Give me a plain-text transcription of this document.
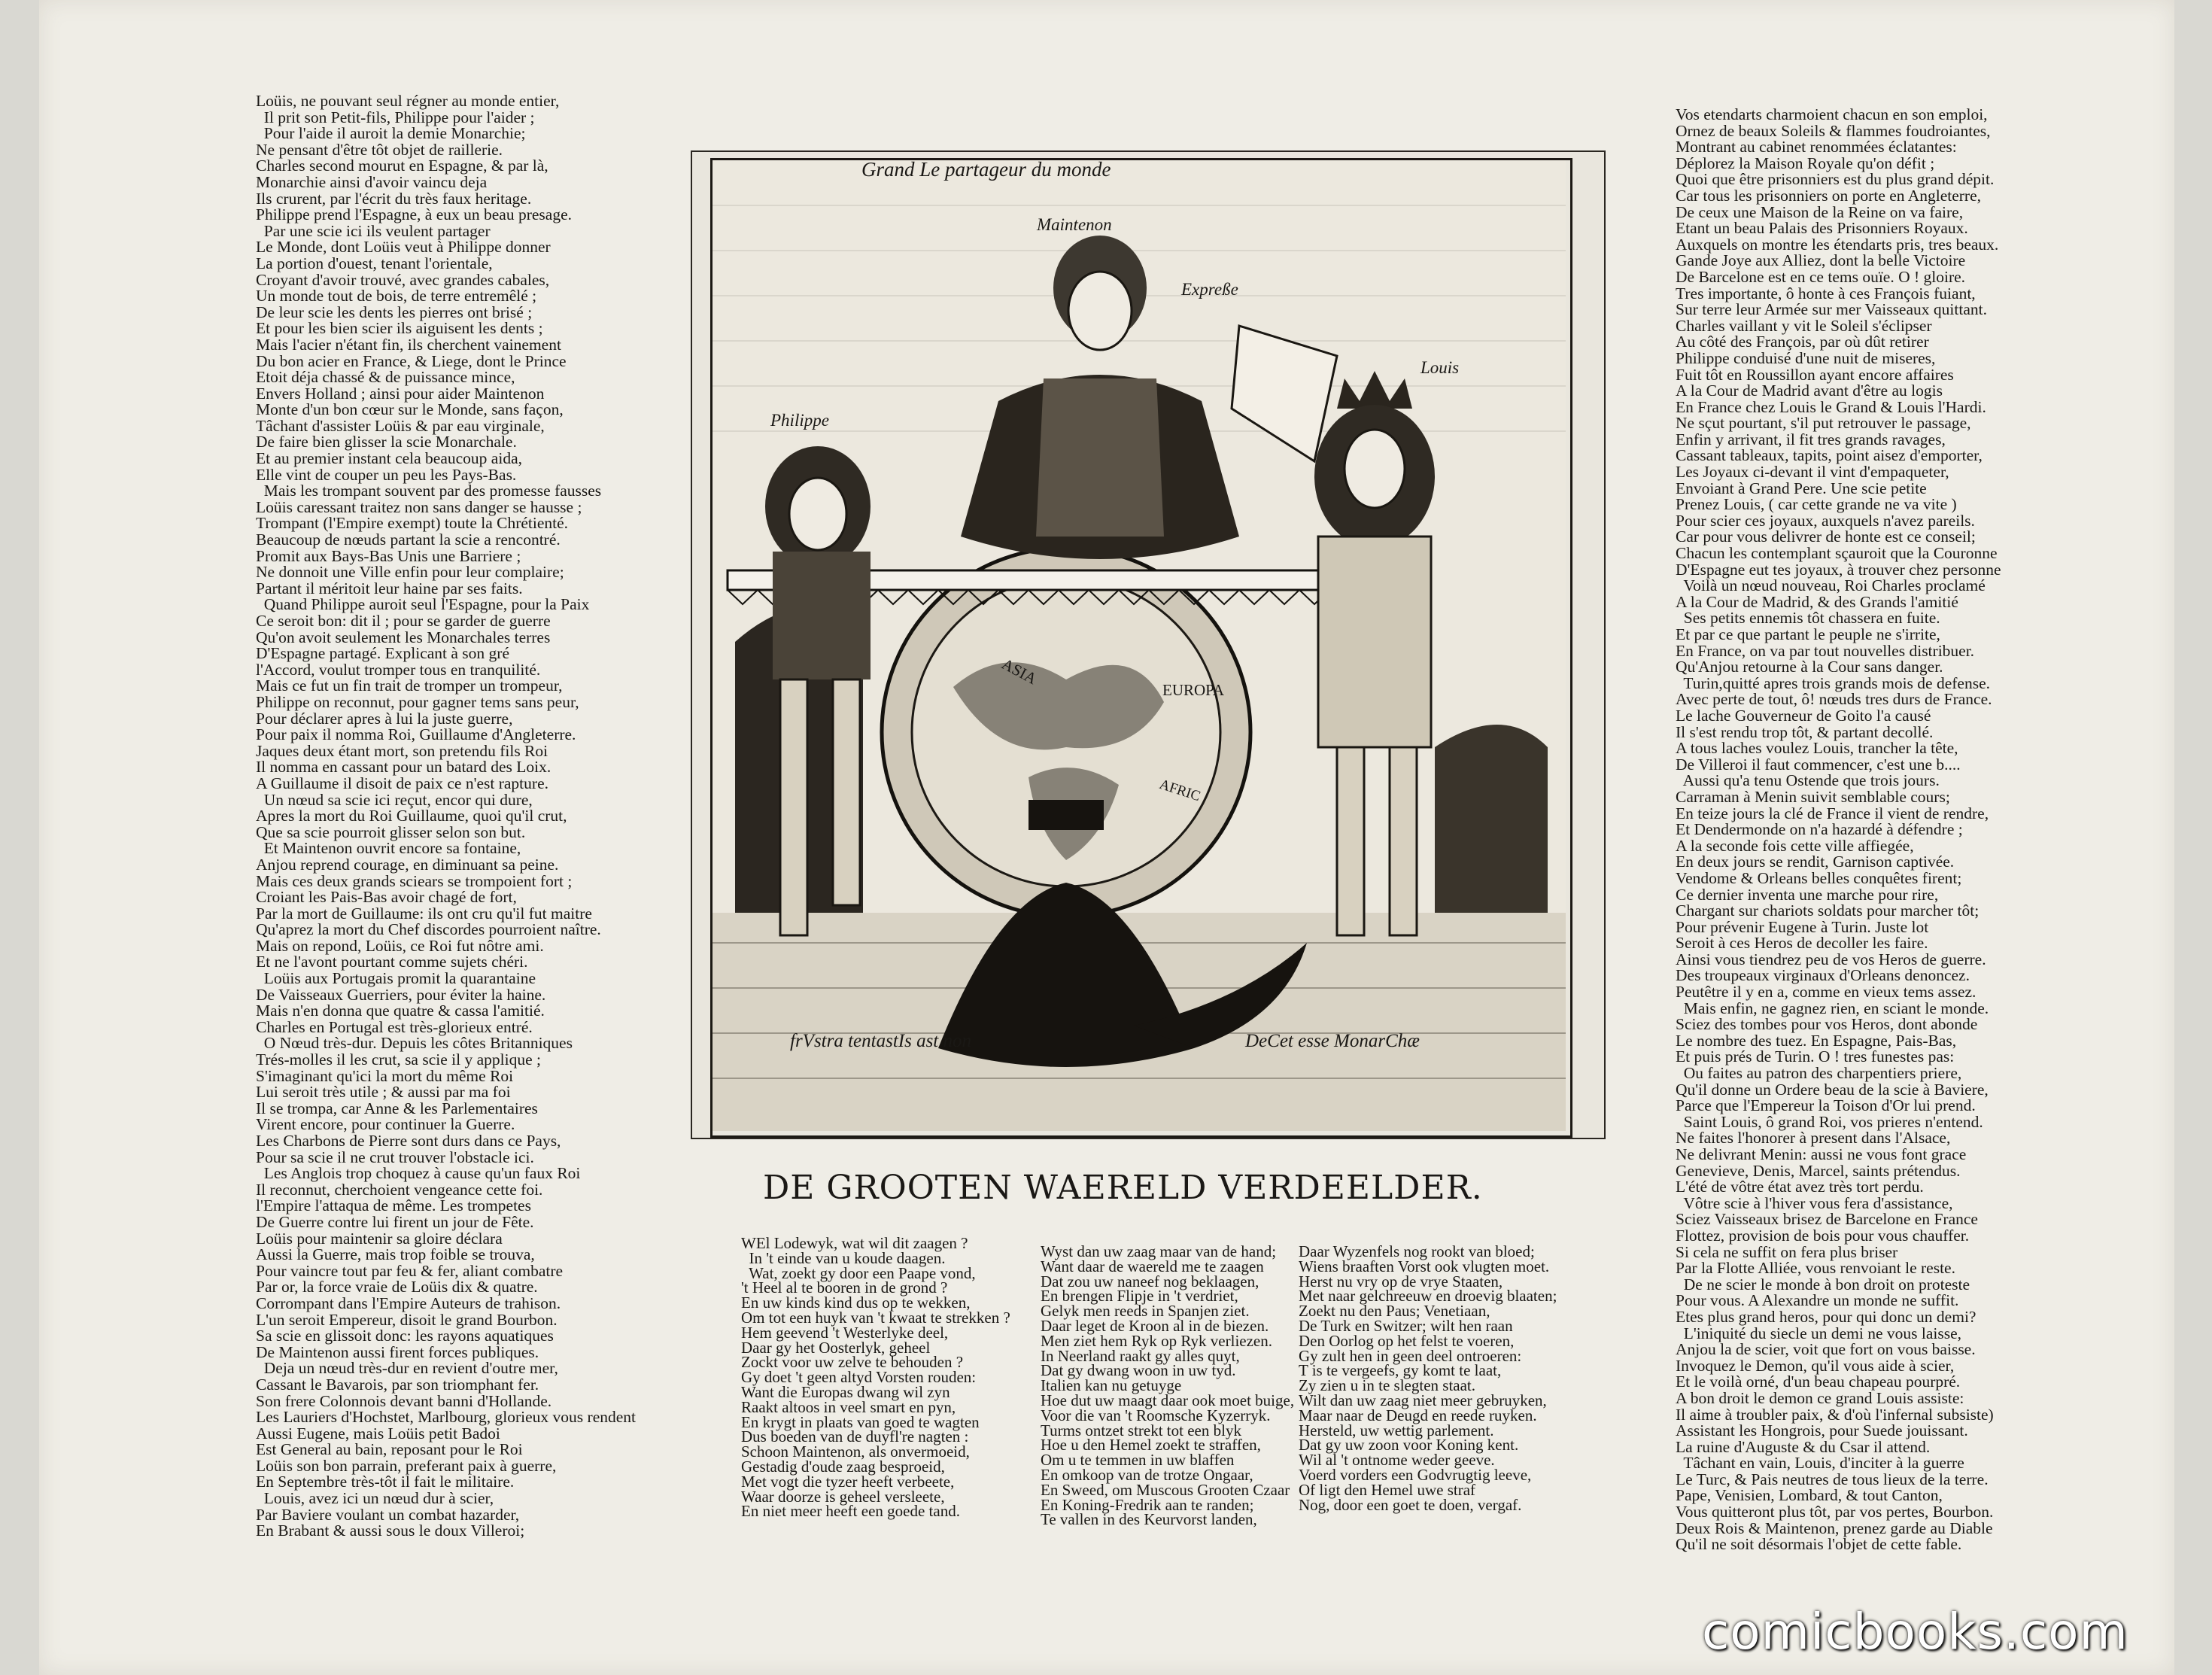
Loüis, ne pouvant seul régner au monde entier,
Il prit son Petit-fils, Philippe pour l'aider ;
Pour l'aide il auroit la demie Monarchie;
Ne pensant d'être tôt objet de raillerie.
Charles second mourut en Espagne, & par là,
Monarchie ainsi d'avoir vaincu deja
Ils crurent, par l'écrit du très faux heritage.
Philippe prend l'Espagne, à eux un beau presage.
Par une scie ici ils veulent partager
Le Monde, dont Loüis veut à Philippe donner
La portion d'ouest, tenant l'orientale,
Croyant d'avoir trouvé, avec grandes cabales,
Un monde tout de bois, de terre entremêlé ;
De leur scie les dents les pierres ont brisé ;
Et pour les bien scier ils aiguisent les dents ;
Mais l'acier n'étant fin, ils cherchent vainement
Du bon acier en France, & Liege, dont le Prince
Etoit déja chassé & de puissance mince,
Envers Holland ; ainsi pour aider Maintenon
Monte d'un bon cœur sur le Monde, sans façon,
Tâchant d'assister Loüis & par eau virginale,
De faire bien glisser la scie Monarchale.
Et au premier instant cela beaucoup aida,
Elle vint de couper un peu les Pays-Bas.
Mais les trompant souvent par des promesse fausses
Loüis caressant traitez non sans danger se hausse ;
Trompant (l'Empire exempt) toute la Chrétienté.
Beaucoup de nœuds partant la scie a rencontré.
Promit aux Bays-Bas Unis une Barriere ;
Ne donnoit une Ville enfin pour leur complaire;
Partant il méritoit leur haine par ses faits.
Quand Philippe auroit seul l'Espagne, pour la Paix
Ce seroit bon: dit il ; pour se garder de guerre
Qu'on avoit seulement les Monarchales terres
D'Espagne partagé. Explicant à son gré
l'Accord, voulut tromper tous en tranquilité.
Mais ce fut un fin trait de tromper un trompeur,
Philippe on reconnut, pour gagner tems sans peur,
Pour déclarer apres à lui la juste guerre,
Pour paix il nomma Roi, Guillaume d'Angleterre.
Jaques deux étant mort, son pretendu fils Roi
Il nomma en cassant pour un batard des Loix.
A Guillaume il disoit de paix ce n'est rapture.
Un nœud sa scie ici reçut, encor qui dure,
Apres la mort du Roi Guillaume, quoi qu'il crut,
Que sa scie pourroit glisser selon son but.
Et Maintenon ouvrit encore sa fontaine,
Anjou reprend courage, en diminuant sa peine.
Mais ces deux grands sciears se trompoient fort ;
Croiant les Pais-Bas avoir chagé de fort,
Par la mort de Guillaume: ils ont cru qu'il fut maitre
Qu'aprez la mort du Chef discordes pourroient naître.
Mais on repond, Loüis, ce Roi fut nôtre ami.
Et ne l'avont pourtant comme sujets chéri.
Loüis aux Portugais promit la quarantaine
De Vaisseaux Guerriers, pour éviter la haine.
Mais n'en donna que quatre & cassa l'amitié.
Charles en Portugal est très-glorieux entré.
O Nœud très-dur. Depuis les côtes Britanniques
Trés-molles il les crut, sa scie il y applique ;
S'imaginant qu'ici la mort du même Roi
Lui seroit très utile ; & aussi par ma foi
Il se trompa, car Anne & les Parlementaires
Virent encore, pour continuer la Guerre.
Les Charbons de Pierre sont durs dans ce Pays,
Pour sa scie il ne crut trouver l'obstacle ici.
Les Anglois trop choquez à cause qu'un faux Roi
Il reconnut, cherchoient vengeance cette foi.
l'Empire l'attaqua de même. Les trompetes
De Guerre contre lui firent un jour de Fête.
Loüis pour maintenir sa gloire déclara
Aussi la Guerre, mais trop foible se trouva,
Pour vaincre tout par feu & fer, aliant combatre
Par or, la force vraie de Loüis dix & quatre.
Corrompant dans l'Empire Auteurs de trahison.
L'un seroit Empereur, disoit le grand Bourbon.
Sa scie en glissoit donc: les rayons aquatiques
De Maintenon aussi firent forces publiques.
Deja un nœud très-dur en revient d'outre mer,
Cassant le Bavarois, par son triomphant fer.
Son frere Colonnois devant banni d'Hollande.
Les Lauriers d'Hochstet, Marlbourg, glorieux vous rendent
Aussi Eugene, mais Loüis petit Badoi
Est General au bain, reposant pour le Roi
Loüis son bon parrain, preferant paix à guerre,
En Septembre très-tôt il fait le militaire.
Louis, avez ici un nœud dur à scier,
Par Baviere voulant un combat hazarder,
En Brabant & aussi sous le doux Villeroi;
Vos etendarts charmoient chacun en son emploi,
Ornez de beaux Soleils & flammes foudroiantes,
Montrant au cabinet renommées éclatantes:
Déplorez la Maison Royale qu'on défit ;
Quoi que être prisonniers est du plus grand dépit.
Car tous les prisonniers on porte en Angleterre,
De ceux une Maison de la Reine on va faire,
Etant un beau Palais des Prisonniers Royaux.
Auxquels on montre les étendarts pris, tres beaux.
Gande Joye aux Alliez, dont la belle Victoire
De Barcelone est en ce tems ouïe. O ! gloire.
Tres importante, ô honte à ces François fuiant,
Sur terre leur Armée sur mer Vaisseaux quittant.
Charles vaillant y vit le Soleil s'éclipser
Au côté des François, par où dût retirer
Philippe conduisé d'une nuit de miseres,
Fuit tôt en Roussillon ayant encore affaires
A la Cour de Madrid avant d'être au logis
En France chez Louis le Grand & Louis l'Hardi.
Ne sçut pourtant, s'il put retrouver le passage,
Enfin y arrivant, il fit tres grands ravages,
Cassant tableaux, tapits, point aisez d'emporter,
Les Joyaux ci-devant il vint d'empaqueter,
Envoiant à Grand Pere. Une scie petite
Prenez Louis, ( car cette grande ne va vite )
Pour scier ces joyaux, auxquels n'avez pareils.
Car pour vous delivrer de honte est ce conseil;
Chacun les contemplant sçauroit que la Couronne
D'Espagne eut tes joyaux, à trouver chez personne
Voilà un nœud nouveau, Roi Charles proclamé
A la Cour de Madrid, & des Grands l'amitié
Ses petits ennemis tôt chassera en fuite.
Et par ce que partant le peuple ne s'irrite,
En France, on va par tout nouvelles distribuer.
Qu'Anjou retourne à la Cour sans danger.
Turin,quitté apres trois grands mois de defense.
Avec perte de tout, ô! nœuds tres durs de France.
Le lache Gouverneur de Goito l'a causé
Il s'est rendu trop tôt, & partant decollé.
A tous laches voulez Louis, trancher la tête,
De Villeroi il faut commencer, c'est une b....
Aussi qu'a tenu Ostende que trois jours.
Carraman à Menin suivit semblable cours;
En teize jours la clé de France il vient de rendre,
Et Dendermonde on n'a hazardé à défendre ;
A la seconde fois cette ville affiegée,
En deux jours se rendit, Garnison captivée.
Vendome & Orleans belles conquêtes firent;
Ce dernier inventa une marche pour rire,
Chargant sur chariots soldats pour marcher tôt;
Pour prévenir Eugene à Turin. Juste lot
Seroit à ces Heros de decoller les faire.
Ainsi vous tiendrez peu de vos Heros de guerre.
Des troupeaux virginaux d'Orleans denoncez.
Peutêtre il y en a, comme en vieux tems assez.
Mais enfin, ne gagnez rien, en sciant le monde.
Sciez des tombes pour vos Heros, dont abonde
Le nombre des tuez. En Espagne, Pais-Bas,
Et puis prés de Turin. O ! tres funestes pas:
Ou faites au patron des charpentiers priere,
Qu'il donne un Ordere beau de la scie à Baviere,
Parce que l'Empereur la Toison d'Or lui prend.
Saint Louis, ô grand Roi, vos prieres n'entend.
Ne faites l'honorer à present dans l'Alsace,
Ne delivrant Menin: aussi ne vous font grace
Genevieve, Denis, Marcel, saints prétendus.
L'été de vôtre état avez très tort perdu.
Vôtre scie à l'hiver vous fera d'assistance,
Sciez Vaisseaux brisez de Barcelone en France
Flottez, provision de bois pour vous chauffer.
Si cela ne suffit on fera plus briser
Par la Flotte Alliée, vous renvoiant le reste.
De ne scier le monde à bon droit on proteste
Pour vous. A Alexandre un monde ne suffit.
Etes plus grand heros, pour qui donc un demi?
L'iniquité du siecle un demi ne vous laisse,
Anjou la de scier, voit que fort on vous baisse.
Invoquez le Demon, qu'il vous aide à scier,
Et le voilà orné, d'un beau chapeau pourpré.
A bon droit le demon ce grand Louis assiste:
Il aime à troubler paix, & d'où l'infernal subsiste)
Assistant les Hongrois, pour Suede jouissant.
La ruine d'Auguste & du Csar il attend.
Tâchant en vain, Louis, d'inciter à la guerre
Le Turc, & Pais neutres de tous lieux de la terre.
Pape, Venisien, Lombard, & tout Canton,
Vous quitteront plus tôt, par vos pertes, Bourbon.
Deux Rois & Maintenon, prenez garde au Diable
Qu'il ne soit désormais l'objet de cette fable.
Grand Le partageur du monde
Maintenon
Expreße
Louis
Philippe
EUROPA
ASIA
AFRIC
frVstra tentastIs ast non	DeCet esse MonarChæ
DE GROOTEN WAERELD VERDEELDER.
WEl Lodewyk, wat wil dit zaagen ?
In 't einde van u koude daagen.
Wat, zoekt gy door een Paape vond,
't Heel al te booren in de grond ?
En uw kinds kind dus op te wekken,
Om tot een huyk van 't kwaat te strekken ?
Hem geevend 't Westerlyke deel,
Daar gy het Oosterlyk, geheel
Zockt voor uw zelve te behouden ?
Gy doet 't geen altyd Vorsten rouden:
Want die Europas dwang wil zyn
Raakt altoos in veel smart en pyn,
En krygt in plaats van goed te wagten
Dus boeden van de duyfl're nagten :
Schoon Maintenon, als onvermoeid,
Gestadig d'oude zaag besproeid,
Met vogt die tyzer heeft verbeete,
Waar doorze is geheel versleete,
En niet meer heeft een goede tand.
Wyst dan uw zaag maar van de hand;
Want daar de waereld me te zaagen
Dat zou uw naneef nog beklaagen,
En brengen Flipje in 't verdriet,
Gelyk men reeds in Spanjen ziet.
Daar leget de Kroon al in de biezen.
Men ziet hem Ryk op Ryk verliezen.
In Neerland raakt gy alles quyt,
Dat gy dwang woon in uw tyd.
Italien kan nu getuyge
Hoe dut uw maagt daar ook moet buige,
Voor die van 't Roomsche Kyzerryk.
Turms ontzet strekt tot een blyk
Hoe u den Hemel zoekt te straffen,
Om u te temmen in uw blaffen
En omkoop van de trotze Ongaar,
En Sweed, om Muscous Grooten Czaar
En Koning-Fredrik aan te randen;
Te vallen in des Keurvorst landen,
Daar Wyzenfels nog rookt van bloed;
Wiens braaften Vorst ook vlugten moet.
Herst nu vry op de vrye Staaten,
Met naar gelchreeuw en droevig blaaten;
Zoekt nu den Paus; Venetiaan,
De Turk en Switzer; wilt hen raan
Den Oorlog op het felst te voeren,
Gy zult hen in geen deel ontroeren:
T is te vergeefs, gy komt te laat,
Zy zien u in te slegten staat.
Wilt dan uw zaag niet meer gebruyken,
Maar naar de Deugd en reede ruyken.
Hersteld, uw wettig parlement.
Dat gy uw zoon voor Koning kent.
Wil al 't ontnome weder geeve.
Voerd vorders een Godvrugtig leeve,
Of ligt den Hemel uwe straf
Nog, door een goet te doen, vergaf.
comicbooks.com
